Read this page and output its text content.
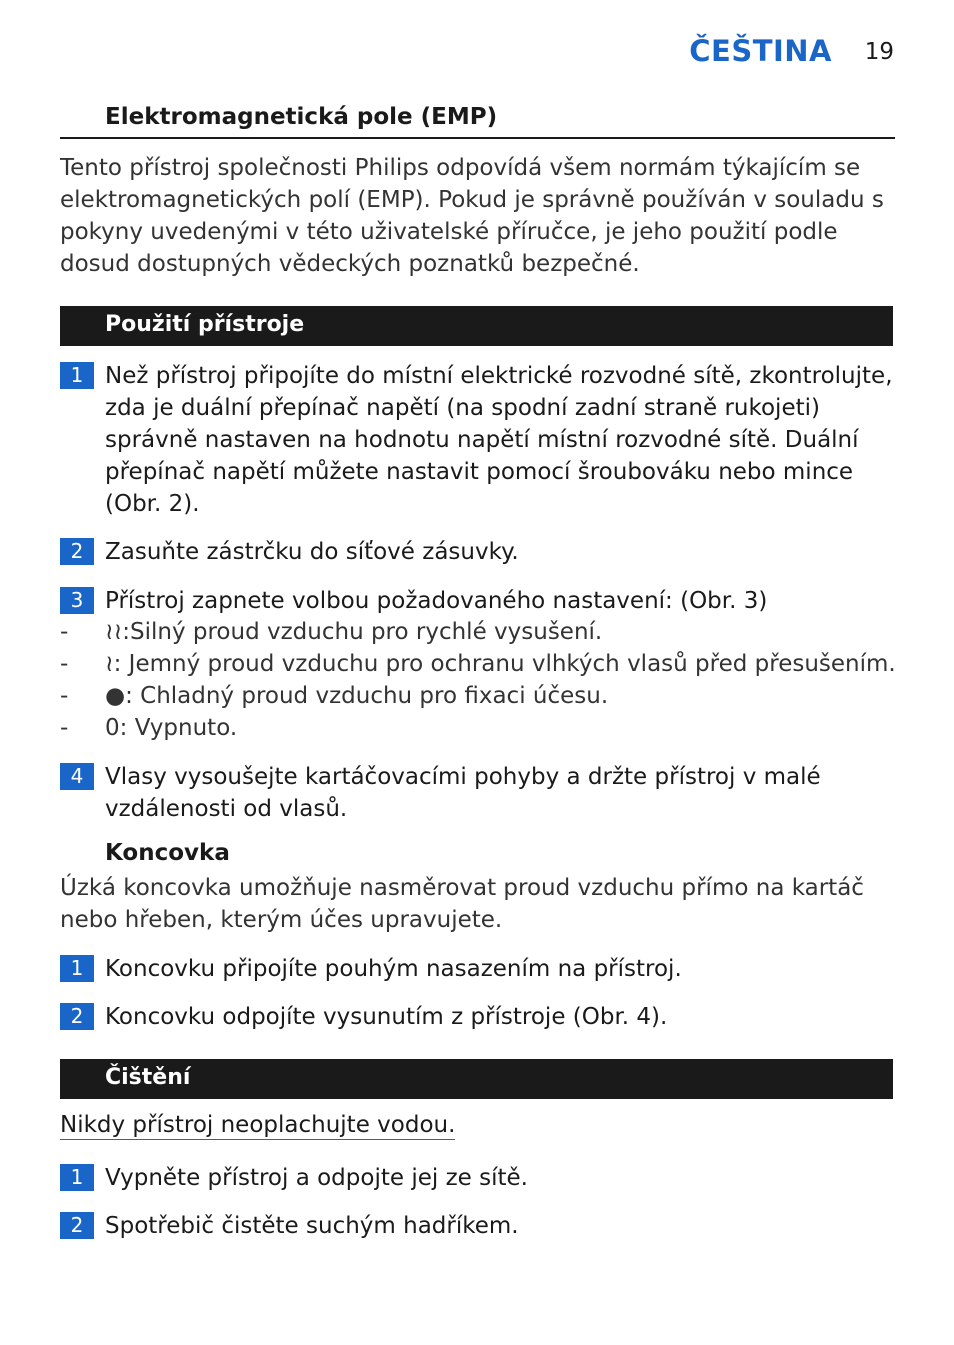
ČEŠTINA 19
Elektromagnetická pole (EMP)
Tento přístroj společnosti Philips odpovídá všem normám týkajícím se elektromagnetických polí (EMP). Pokud je správně používán v souladu s pokyny uvedenými v této uživatelské příručce, je jeho použití podle dosud dostupných vědeckých poznatků bezpečné.
Použití přístroje
1 Než přístroj připojíte do místní elektrické rozvodné sítě, zkontrolujte, zda je duální přepínač napětí (na spodní zadní straně rukojeti) správně nastaven na hodnotu napětí místní rozvodné sítě. Duální přepínač napětí můžete nastavit pomocí šroubováku nebo mince (Obr. 2).
2 Zasuňte zástrčku do síťové zásuvky.
3 Přístroj zapnete volbou požadovaného nastavení: (Obr. 3)
- ≀≀:Silný proud vzduchu pro rychlé vysušení.
- ≀: Jemný proud vzduchu pro ochranu vlhkých vlasů před přesušením.
- ●: Chladný proud vzduchu pro fixaci účesu.
- 0: Vypnuto.
4 Vlasy vysoušejte kartáčovacími pohyby a držte přístroj v malé vzdálenosti od vlasů.
Koncovka
Úzká koncovka umožňuje nasměrovat proud vzduchu přímo na kartáč nebo hřeben, kterým účes upravujete.
1 Koncovku připojíte pouhým nasazením na přístroj.
2 Koncovku odpojíte vysunutím z přístroje (Obr. 4).
Čištění
Nikdy přístroj neoplachujte vodou.
1 Vypněte přístroj a odpojte jej ze sítě.
2 Spotřebič čistěte suchým hadříkem.
